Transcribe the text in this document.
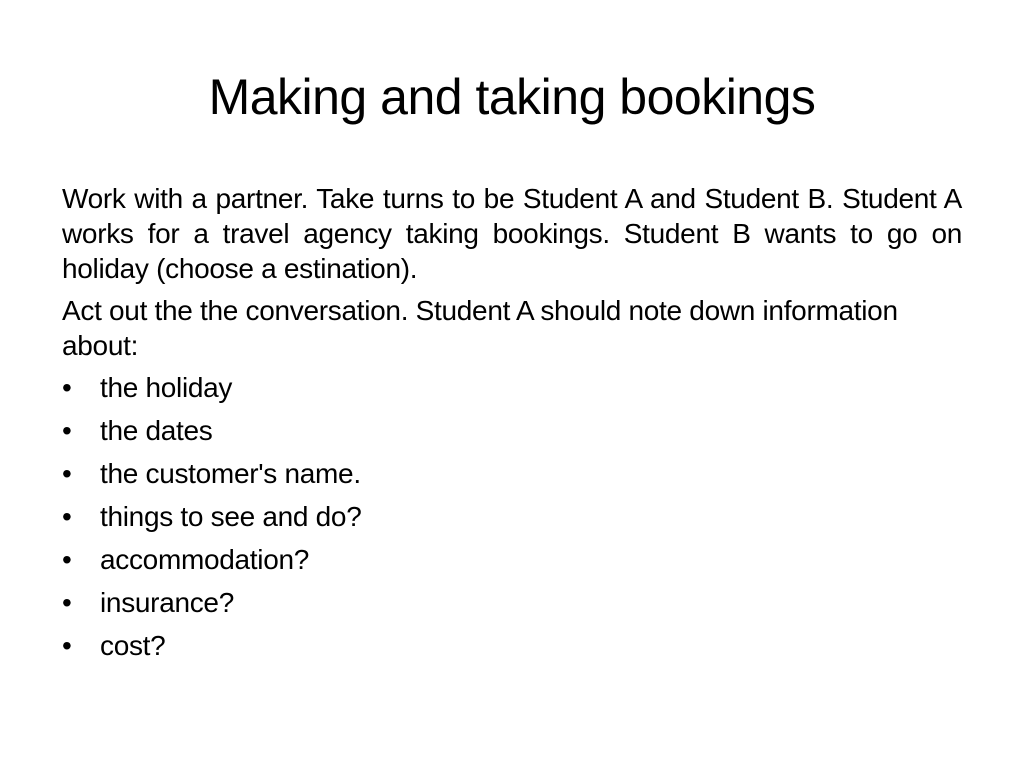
Making and taking bookings

Work with a partner. Take turns to be Student A and Student B. Student A works for a travel agency taking bookings. Student B wants to go on holiday (choose a estination).

Act out the the conversation. Student A should note down information about:

•	the holiday
•	the dates
•	the customer's name.
•	things to see and do?
•	accommodation?
•	insurance?
•	cost?
